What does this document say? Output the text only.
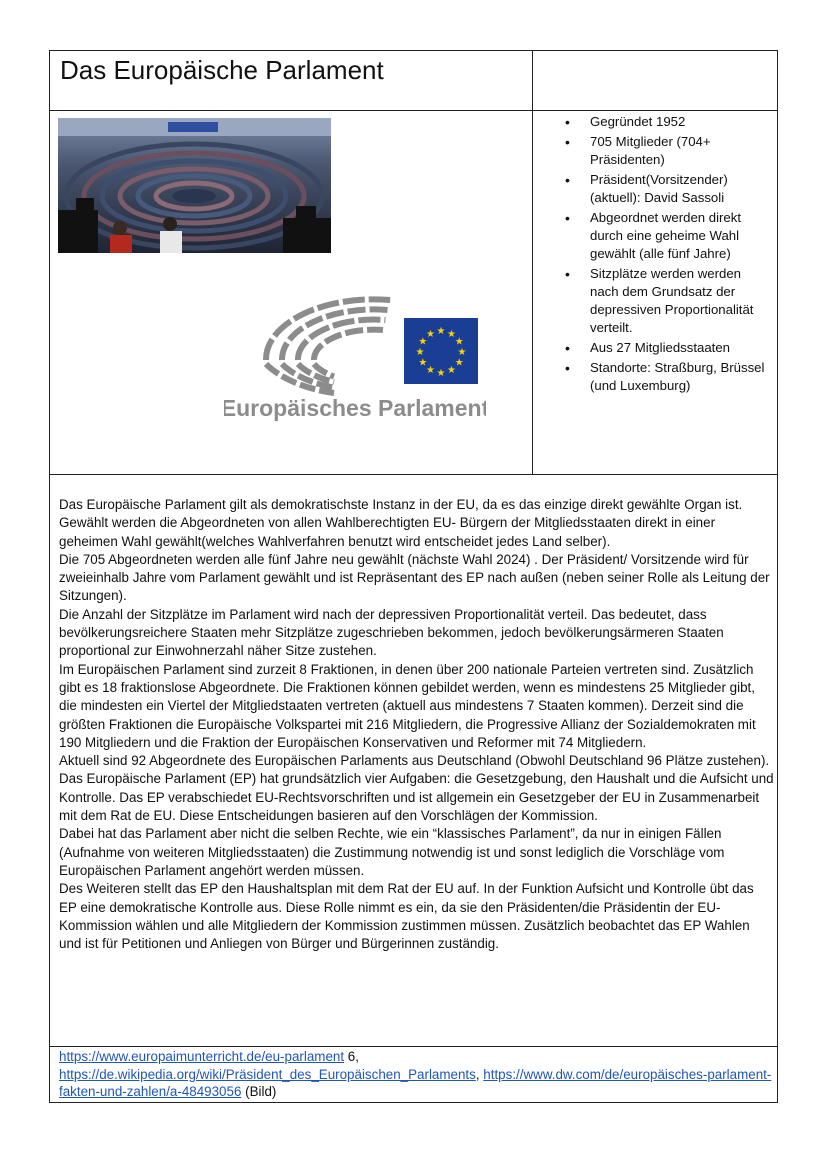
Das Europäische Parlament
★
★
★
★
★
★
★
★
★ ★ ★
★
Europäisches Parlament
• Gegründet 1952
• 705 Mitglieder (704+ Präsidenten)
• Präsident(Vorsitzender) (aktuell): David Sassoli
• Abgeordnet werden direkt durch eine geheime Wahl gewählt (alle fünf Jahre)
• Sitzplätze werden werden nach dem Grundsatz der depressiven Proportionalität verteilt.
• Aus 27 Mitgliedsstaaten
• Standorte: Straßburg, Brüssel (und Luxemburg)

Das Europäische Parlament gilt als demokratischste Instanz in der EU, da es das einzige direkt gewählte Organ ist. Gewählt werden die Abgeordneten von allen Wahlberechtigten EU- Bürgern der Mitgliedsstaaten direkt in einer geheimen Wahl gewählt(welches Wahlverfahren benutzt wird entscheidet jedes Land selber).

Die 705 Abgeordneten werden alle fünf Jahre neu gewählt (nächste Wahl 2024) . Der Präsident/ Vorsitzende wird für zweieinhalb Jahre vom Parlament gewählt und ist Repräsentant des EP nach außen (neben seiner Rolle als Leitung der Sitzungen).

Die Anzahl der Sitzplätze im Parlament wird nach der depressiven Proportionalität verteil. Das bedeutet, dass bevölkerungsreichere Staaten mehr Sitzplätze zugeschrieben bekommen, jedoch bevölkerungsärmeren Staaten proportional zur Einwohnerzahl näher Sitze zustehen.

Im Europäischen Parlament sind zurzeit 8 Fraktionen, in denen über 200 nationale Parteien vertreten sind. Zusätzlich gibt es 18 fraktionslose Abgeordnete. Die Fraktionen können gebildet werden, wenn es mindestens 25 Mitglieder gibt, die mindesten ein Viertel der Mitgliedstaaten vertreten (aktuell aus mindestens 7 Staaten kommen). Derzeit sind die größten Fraktionen die Europäische Volkspartei mit 216 Mitgliedern, die Progressive Allianz der Sozialdemokraten mit 190 Mitgliedern und die Fraktion der Europäischen Konservativen und Reformer mit 74 Mitgliedern.

Aktuell sind 92 Abgeordnete des Europäischen Parlaments aus Deutschland (Obwohl Deutschland 96 Plätze zustehen).

Das Europäische Parlament (EP) hat grundsätzlich vier Aufgaben: die Gesetzgebung, den Haushalt und die Aufsicht und Kontrolle. Das EP verabschiedet EU-Rechtsvorschriften und ist allgemein ein Gesetzgeber der EU in Zusammenarbeit mit dem Rat de EU. Diese Entscheidungen basieren auf den Vorschlägen der Kommission.

Dabei hat das Parlament aber nicht die selben Rechte, wie ein “klassisches Parlament”, da nur in einigen Fällen (Aufnahme von weiteren Mitgliedsstaaten) die Zustimmung notwendig ist und sonst lediglich die Vorschläge vom Europäischen Parlament angehört werden müssen.

Des Weiteren stellt das EP den Haushaltsplan mit dem Rat der EU auf. In der Funktion Aufsicht und Kontrolle übt das EP eine demokratische Kontrolle aus. Diese Rolle nimmt es ein, da sie den Präsidenten/die Präsidentin der EU-Kommission wählen und alle Mitgliedern der Kommission zustimmen müssen. Zusätzlich beobachtet das EP Wahlen und ist für Petitionen und Anliegen von Bürger und Bürgerinnen zuständig.

https://www.europaimunterricht.de/eu-parlament 6,
https://de.wikipedia.org/wiki/Präsident_des_Europäischen_Parlaments, https://www.dw.com/de/europäisches-parlament-fakten-und-zahlen/a-48493056 (Bild)
